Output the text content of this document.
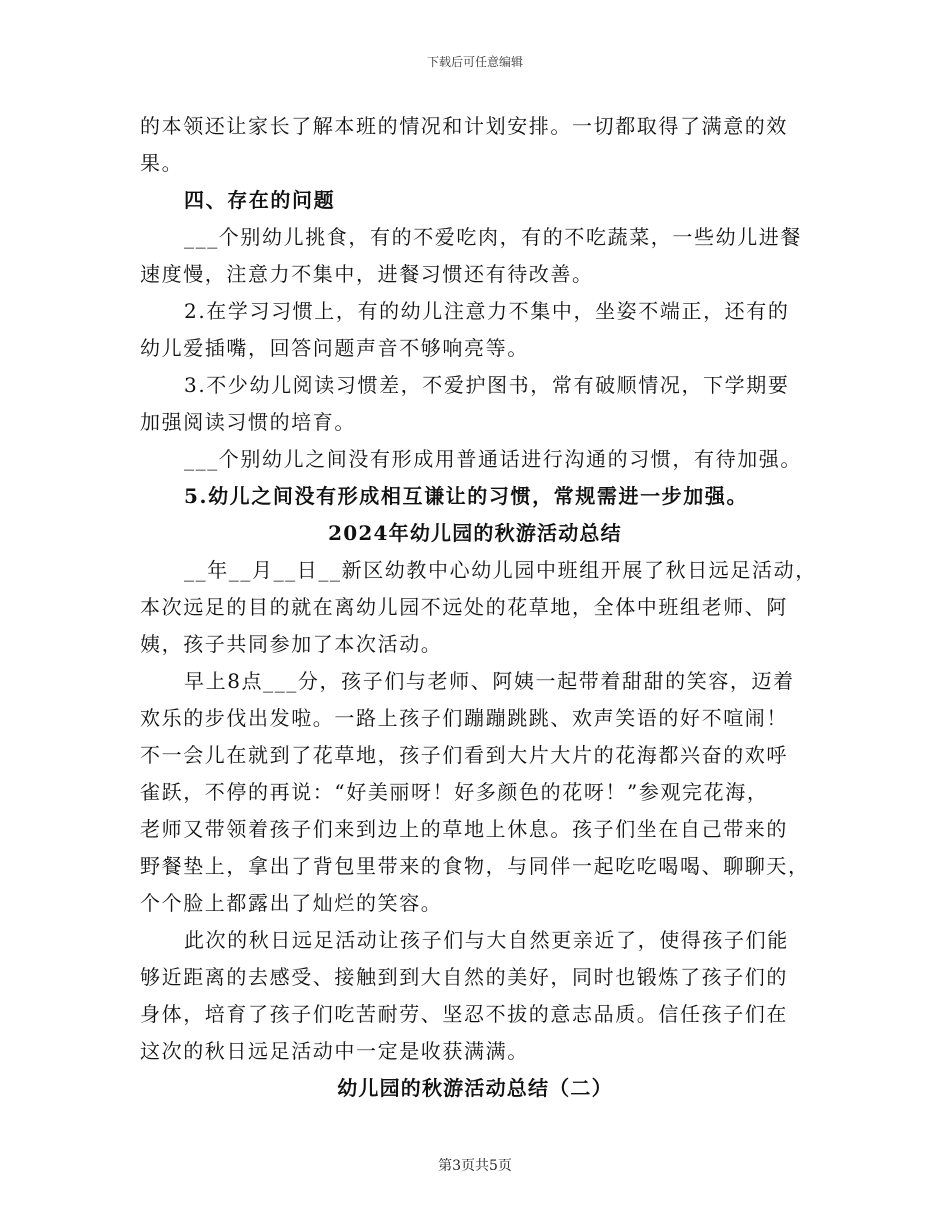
下载后可任意编辑
的本领还让家长了解本班的情况和计划安排。一切都取得了满意的效
果。
四、存在的问题
___个别幼儿挑食，有的不爱吃肉，有的不吃蔬菜，一些幼儿进餐
速度慢，注意力不集中，进餐习惯还有待改善。
2.在学习习惯上，有的幼儿注意力不集中，坐姿不端正，还有的
幼儿爱插嘴，回答问题声音不够响亮等。
3.不少幼儿阅读习惯差，不爱护图书，常有破顺情况，下学期要
加强阅读习惯的培育。
___个别幼儿之间没有形成用普通话进行沟通的习惯，有待加强。
5.幼儿之间没有形成相互谦让的习惯，常规需进一步加强。
2024年幼儿园的秋游活动总结
__年__月__日__新区幼教中心幼儿园中班组开展了秋日远足活动，
本次远足的目的就在离幼儿园不远处的花草地，全体中班组老师、阿
姨，孩子共同参加了本次活动。
早上8点___分，孩子们与老师、阿姨一起带着甜甜的笑容，迈着
欢乐的步伐出发啦。一路上孩子们蹦蹦跳跳、欢声笑语的好不喧闹！
不一会儿在就到了花草地，孩子们看到大片大片的花海都兴奋的欢呼
雀跃，不停的再说：“好美丽呀！好多颜色的花呀！”参观完花海，
老师又带领着孩子们来到边上的草地上休息。孩子们坐在自己带来的
野餐垫上，拿出了背包里带来的食物，与同伴一起吃吃喝喝、聊聊天，
个个脸上都露出了灿烂的笑容。
此次的秋日远足活动让孩子们与大自然更亲近了，使得孩子们能
够近距离的去感受、接触到到大自然的美好，同时也锻炼了孩子们的
身体，培育了孩子们吃苦耐劳、坚忍不拔的意志品质。信任孩子们在
这次的秋日远足活动中一定是收获满满。
幼儿园的秋游活动总结（二）
第3页共5页
